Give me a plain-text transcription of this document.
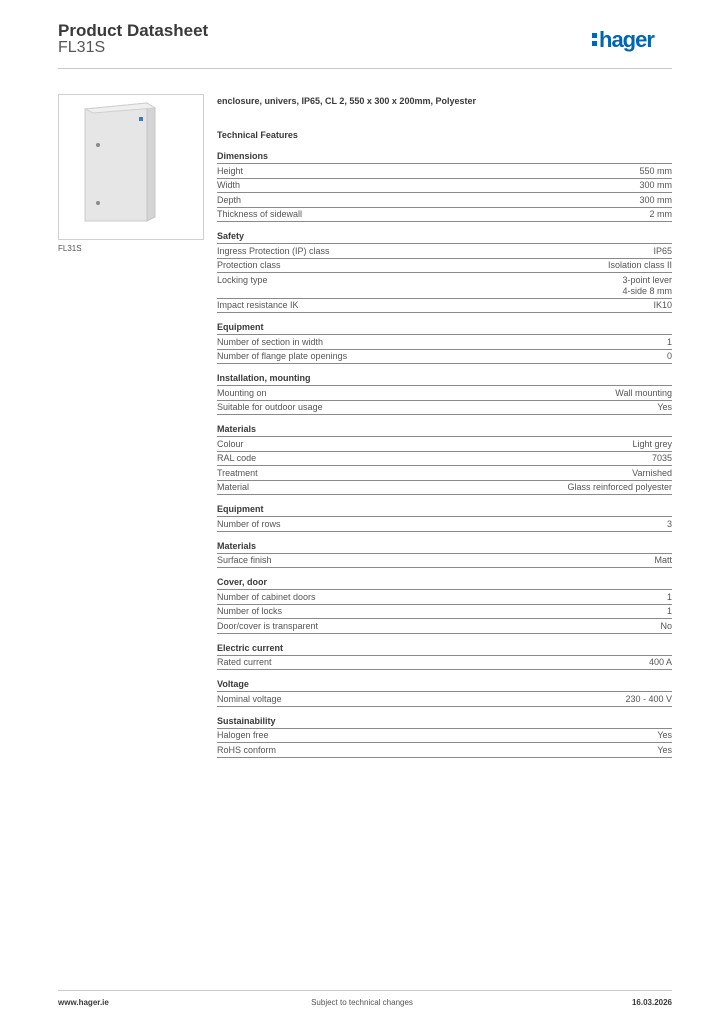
Product Datasheet
FL31S	hager
FL31S
enclosure, univers, IP65, CL 2, 550 x 300 x 200mm, Polyester
Technical Features
Dimensions
Height	550 mm
Width	300 mm
Depth	300 mm
Thickness of sidewall	2 mm
Safety
Ingress Protection (IP) class	IP65
Protection class	Isolation class II
Locking type	3-point lever
4-side 8 mm
Impact resistance IK	IK10
Equipment
Number of section in width	1
Number of flange plate openings	0
Installation, mounting
Mounting on	Wall mounting
Suitable for outdoor usage	Yes
Materials
Colour	Light grey
RAL code	7035
Treatment	Varnished
Material	Glass reinforced polyester
Equipment
Number of rows	3
Materials
Surface finish	Matt
Cover, door
Number of cabinet doors	1
Number of locks	1
Door/cover is transparent	No
Electric current
Rated current	400 A
Voltage
Nominal voltage	230 - 400 V
Sustainability
Halogen free	Yes
RoHS conform	Yes
www.hager.ie	Subject to technical changes	16.03.2026
